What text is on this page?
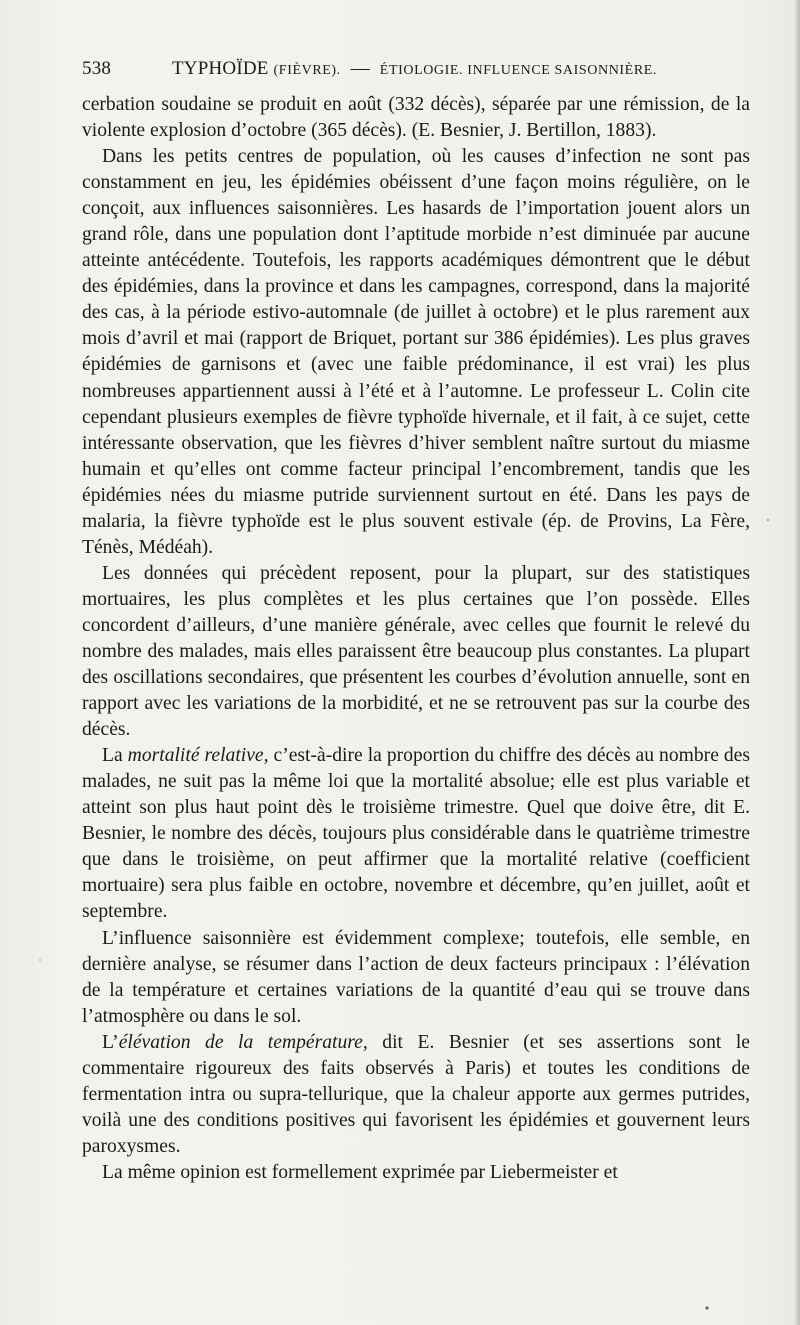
538	TYPHOÏDE (FIÈVRE). — ÉTIOLOGIE. INFLUENCE SAISONNIÈRE.

cerbation soudaine se produit en août (332 décès), séparée par une rémission, de la violente explosion d’octobre (365 décès). (E. Besnier, J. Bertillon, 1883).

Dans les petits centres de population, où les causes d’infection ne sont pas constamment en jeu, les épidémies obéissent d’une façon moins régulière, on le conçoit, aux influences saisonnières. Les hasards de l’importation jouent alors un grand rôle, dans une population dont l’aptitude morbide n’est diminuée par aucune atteinte antécédente. Toutefois, les rapports académiques démontrent que le début des épidémies, dans la province et dans les campagnes, correspond, dans la majorité des cas, à la période estivo-automnale (de juillet à octobre) et le plus rarement aux mois d’avril et mai (rapport de Briquet, portant sur 386 épidémies). Les plus graves épidémies de garnisons et (avec une faible prédominance, il est vrai) les plus nombreuses appartiennent aussi à l’été et à l’automne. Le professeur L. Colin cite cependant plusieurs exemples de fièvre typhoïde hivernale, et il fait, à ce sujet, cette intéressante observation, que les fièvres d’hiver semblent naître surtout du miasme humain et qu’elles ont comme facteur principal l’encombrement, tandis que les épidémies nées du miasme putride surviennent surtout en été. Dans les pays de malaria, la fièvre typhoïde est le plus souvent estivale (ép. de Provins, La Fère, Ténès, Médéah).

Les données qui précèdent reposent, pour la plupart, sur des statistiques mortuaires, les plus complètes et les plus certaines que l’on possède. Elles concordent d’ailleurs, d’une manière générale, avec celles que fournit le relevé du nombre des malades, mais elles paraissent être beaucoup plus constantes. La plupart des oscillations secondaires, que présentent les courbes d’évolution annuelle, sont en rapport avec les variations de la morbidité, et ne se retrouvent pas sur la courbe des décès.

La mortalité relative, c’est-à-dire la proportion du chiffre des décès au nombre des malades, ne suit pas la même loi que la mortalité absolue; elle est plus variable et atteint son plus haut point dès le troisième trimestre. Quel que doive être, dit E. Besnier, le nombre des décès, toujours plus considérable dans le quatrième trimestre que dans le troisième, on peut affirmer que la mortalité relative (coefficient mortuaire) sera plus faible en octobre, novembre et décembre, qu’en juillet, août et septembre.

L’influence saisonnière est évidemment complexe; toutefois, elle semble, en dernière analyse, se résumer dans l’action de deux facteurs principaux : l’élévation de la température et certaines variations de la quantité d’eau qui se trouve dans l’atmosphère ou dans le sol.

L’élévation de la température, dit E. Besnier (et ses assertions sont le commentaire rigoureux des faits observés à Paris) et toutes les conditions de fermentation intra ou supra-tellurique, que la chaleur apporte aux germes putrides, voilà une des conditions positives qui favorisent les épidémies et gouvernent leurs paroxysmes.

La même opinion est formellement exprimée par Liebermeister et
